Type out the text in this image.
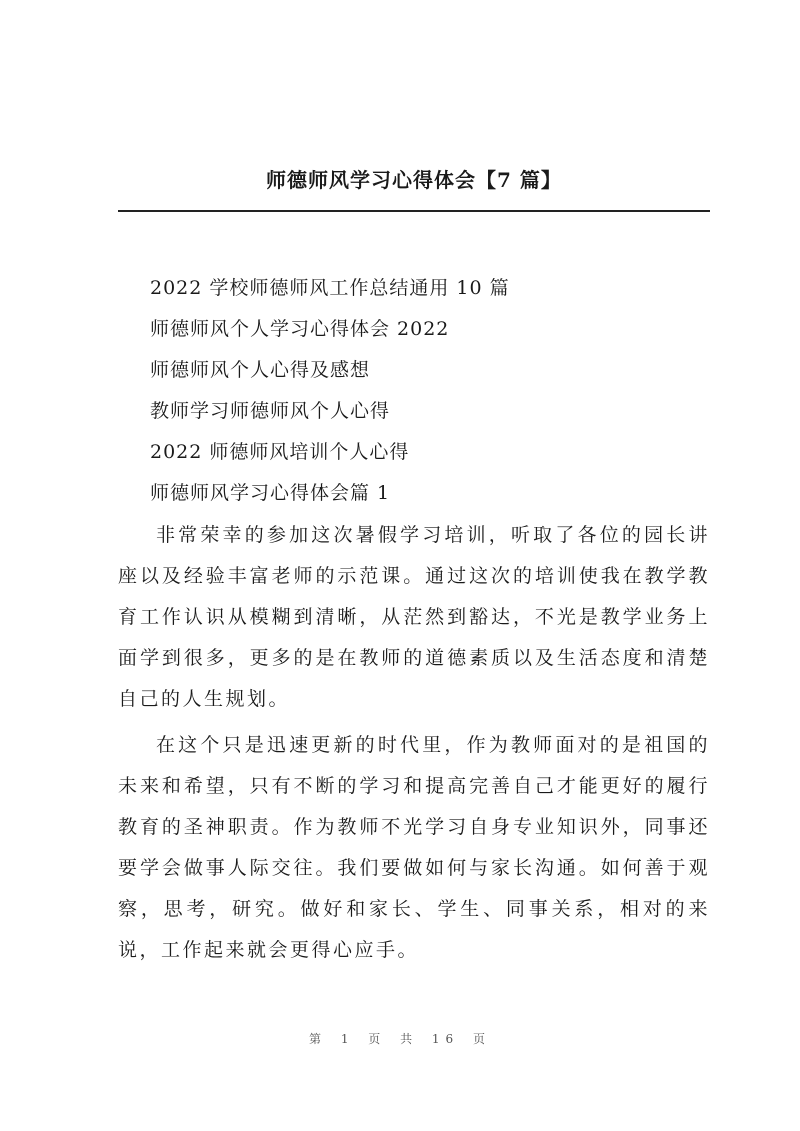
师德师风学习心得体会【7 篇】
2022 学校师德师风工作总结通用 10 篇
师德师风个人学习心得体会 2022
师德师风个人心得及感想
教师学习师德师风个人心得
2022 师德师风培训个人心得
师德师风学习心得体会篇 1

非常荣幸的参加这次暑假学习培训，听取了各位的园长讲座以及经验丰富老师的示范课。通过这次的培训使我在教学教育工作认识从模糊到清晰，从茫然到豁达，不光是教学业务上面学到很多，更多的是在教师的道德素质以及生活态度和清楚自己的人生规划。

在这个只是迅速更新的时代里，作为教师面对的是祖国的未来和希望，只有不断的学习和提高完善自己才能更好的履行教育的圣神职责。作为教师不光学习自身专业知识外，同事还要学会做事人际交往。我们要做如何与家长沟通。如何善于观察，思考，研究。做好和家长、学生、同事关系，相对的来说，工作起来就会更得心应手。

第 1 页 共 16 页
